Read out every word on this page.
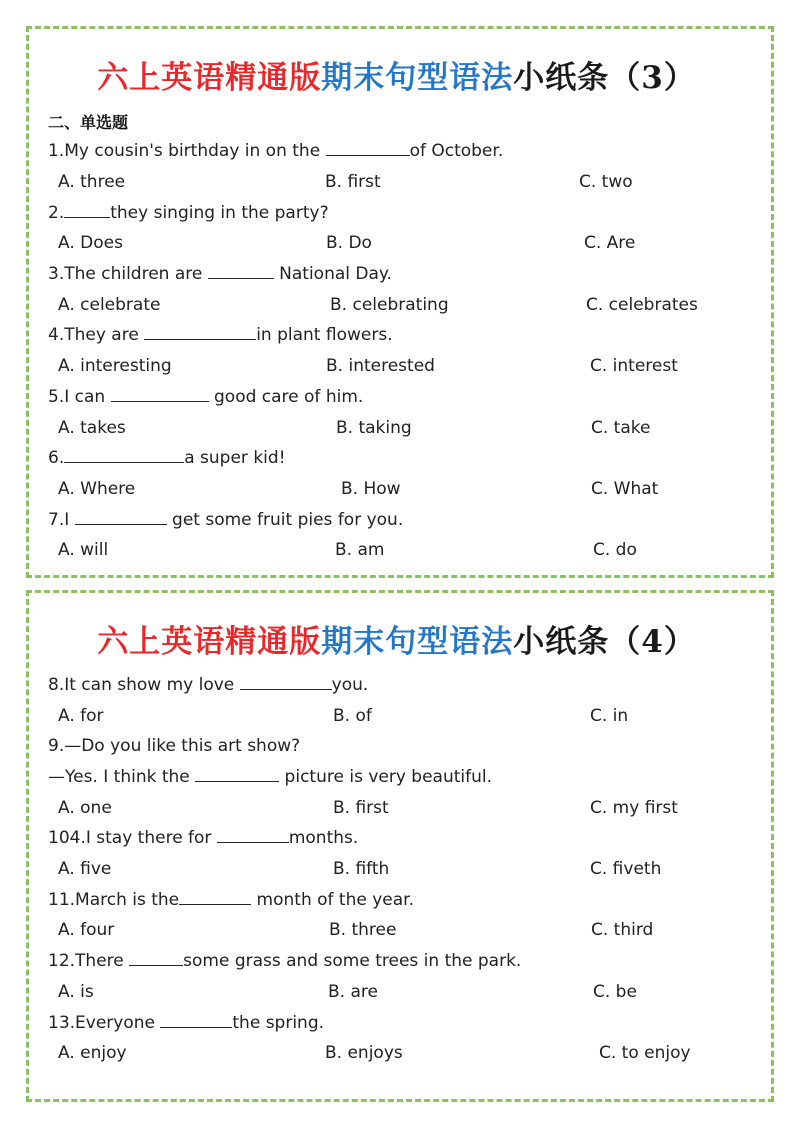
六上英语精通版期末句型语法小纸条（3）
二、单选题
1.My cousin's birthday in on the	of October.
A. three	B. first	C. two
2.	they singing in the party?
A. Does	B. Do	C. Are
3.The children are	National Day.
A. celebrate	B. celebrating	C. celebrates
4.They are	in plant flowers.
A. interesting	B. interested	C. interest
5.I can	good care of him.
A. takes	B. taking	C. take
6.	a super kid!
A. Where	B. How	C. What
7.I	get some fruit pies for you.
A. will	B. am	C. do
六上英语精通版期末句型语法小纸条（4）
8.It can show my love	you.
A. for	B. of	C. in
9.—Do you like this art show?
—Yes. I think the	picture is very beautiful.
A. one	B. first	C. my first
104.I stay there for	months.
A. five	B. fifth	C. fiveth
11.March is the	month of the year.
A. four	B. three	C. third
12.There	some grass and some trees in the park.
A. is	B. are	C. be
13.Everyone	the spring.
A. enjoy	B. enjoys	C. to enjoy
